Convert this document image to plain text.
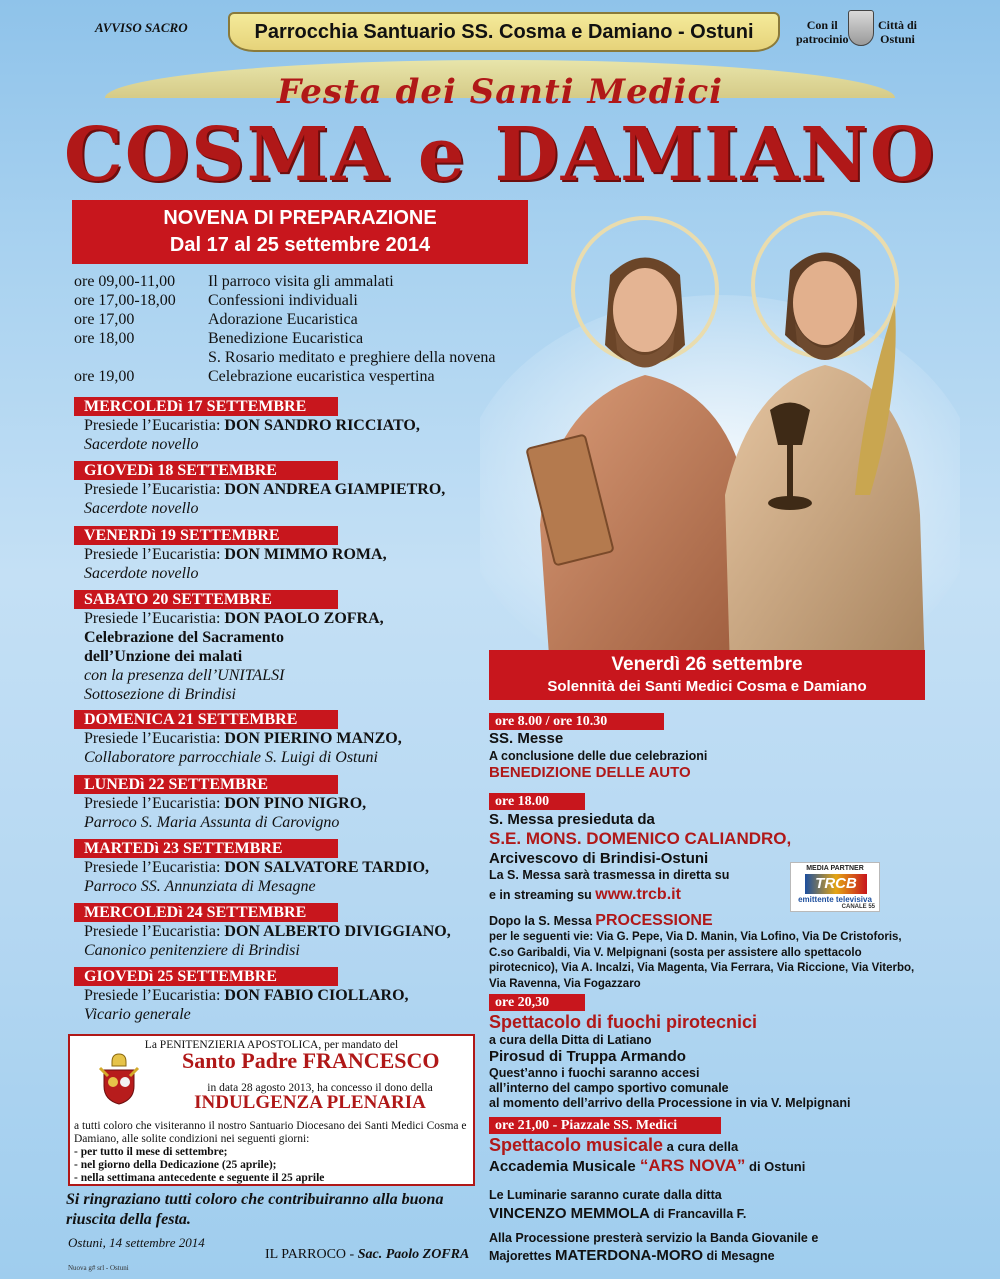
AVVISO SACRO	Parrocchia Santuario SS. Cosma e Damiano - Ostuni	Con il
patrocinio
Città di
Ostuni
Festa dei Santi Medici
COSMA e DAMIANO
NOVENA DI PREPARAZIONE
Dal 17 al 25 settembre 2014
ore 09,00-11,00	Il parroco visita gli ammalati
ore 17,00-18,00	Confessioni individuali
ore 17,00	Adorazione Eucaristica
ore 18,00	Benedizione Eucaristica
S. Rosario meditato e preghiere della novena
ore 19,00	Celebrazione eucaristica vespertina
MERCOLEDì 17 SETTEMBRE
Presiede l’Eucaristia: DON SANDRO RICCIATO,
Sacerdote novello
GIOVEDì 18 SETTEMBRE
Presiede l’Eucaristia: DON ANDREA GIAMPIETRO,
Sacerdote novello
VENERDì 19 SETTEMBRE
Presiede l’Eucaristia: DON MIMMO ROMA,
Sacerdote novello
SABATO 20 SETTEMBRE
Presiede l’Eucaristia: DON PAOLO ZOFRA,
Celebrazione del Sacramento
dell’Unzione dei malati
con la presenza dell’UNITALSI
Sottosezione di Brindisi
DOMENICA 21 SETTEMBRE
Presiede l’Eucaristia: DON PIERINO MANZO,
Collaboratore parrocchiale S. Luigi di Ostuni
LUNEDì 22 SETTEMBRE
Presiede l’Eucaristia: DON PINO NIGRO,
Parroco S. Maria Assunta di Carovigno
MARTEDì 23 SETTEMBRE
Presiede l’Eucaristia: DON SALVATORE TARDIO,
Parroco SS. Annunziata di Mesagne
MERCOLEDì 24 SETTEMBRE
Presiede l’Eucaristia: DON ALBERTO DIVIGGIANO,
Canonico penitenziere di Brindisi
GIOVEDì 25 SETTEMBRE
Presiede l’Eucaristia: DON FABIO CIOLLARO,
Vicario generale
La PENITENZIERIA APOSTOLICA, per mandato del
Santo Padre FRANCESCO
in data 28 agosto 2013, ha concesso il dono della
INDULGENZA PLENARIA
a tutti coloro che visiteranno il nostro Santuario Diocesano dei Santi Medici Cosma e Damiano, alle solite condizioni nei seguenti giorni:
- per tutto il mese di settembre;
- nel giorno della Dedicazione (25 aprile);
- nella settimana antecedente e seguente il 25 aprile
Si ringraziano tutti coloro che contribuiranno alla buona riuscita della festa.
Ostuni, 14 settembre 2014
IL PARROCO - Sac. Paolo ZOFRA
Nuova g# srl - Ostuni
Venerdì 26 settembre
Solennità dei Santi Medici Cosma e Damiano
ore 8.00 / ore 10.30
SS. Messe
A conclusione delle due celebrazioni
BENEDIZIONE DELLE AUTO
ore 18.00
S. Messa presieduta da
S.E. MONS. DOMENICO CALIANDRO,
Arcivescovo di Brindisi-Ostuni
La S. Messa sarà trasmessa in diretta su
e in streaming su www.trcb.it
MEDIA PARTNER
TRCB
emittente televisiva
CANALE 55
Dopo la S. Messa PROCESSIONE
per le seguenti vie: Via G. Pepe, Via D. Manin, Via Lofino, Via De Cristoforis, C.so Garibaldi, Via V. Melpignani (sosta per assistere allo spettacolo pirotecnico), Via A. Incalzi, Via Magenta, Via Ferrara, Via Riccione, Via Viterbo, Via Ravenna, Via Fogazzaro
ore 20,30
Spettacolo di fuochi pirotecnici
a cura della Ditta di Latiano
Pirosud di Truppa Armando
Quest’anno i fuochi saranno accesi
all’interno del campo sportivo comunale
al momento dell’arrivo della Processione in via V. Melpignani
ore 21,00 - Piazzale SS. Medici
Spettacolo musicale a cura della
Accademia Musicale “ARS NOVA” di Ostuni
Le Luminarie saranno curate dalla ditta
VINCENZO MEMMOLA di Francavilla F.
Alla Processione presterà servizio la Banda Giovanile e
Majorettes MATERDONA-MORO di Mesagne
